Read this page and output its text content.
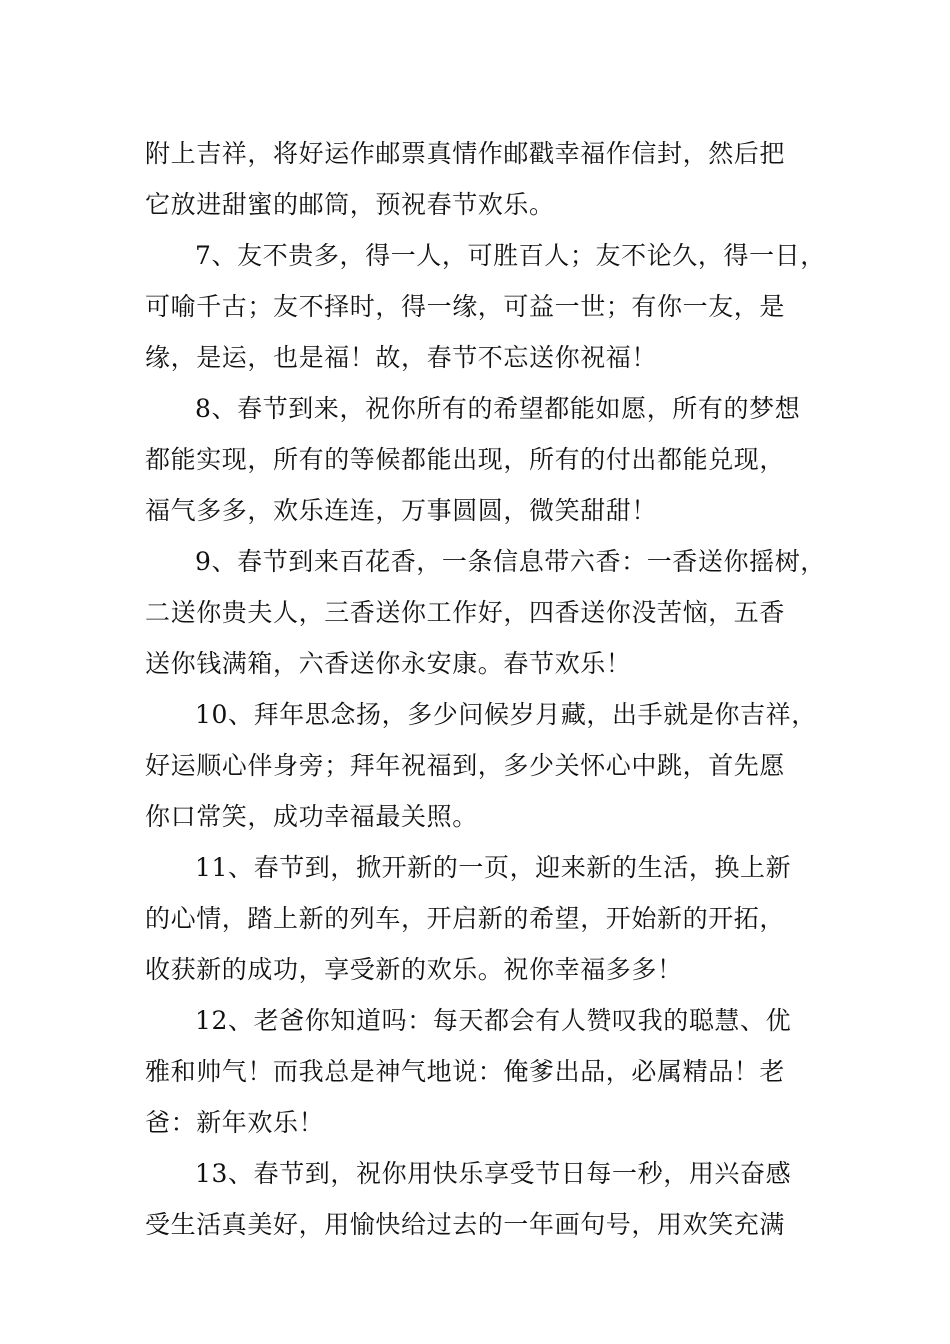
附上吉祥，将好运作邮票真情作邮戳幸福作信封，然后把
它放进甜蜜的邮筒，预祝春节欢乐。
7、友不贵多，得一人，可胜百人；友不论久，得一日，
可喻千古；友不择时，得一缘，可益一世；有你一友，是
缘，是运，也是福！故，春节不忘送你祝福！
8、春节到来，祝你所有的希望都能如愿，所有的梦想
都能实现，所有的等候都能出现，所有的付出都能兑现，
福气多多，欢乐连连，万事圆圆，微笑甜甜！
9、春节到来百花香，一条信息带六香：一香送你摇树，
二送你贵夫人，三香送你工作好，四香送你没苦恼，五香
送你钱满箱，六香送你永安康。春节欢乐！
10、拜年思念扬，多少问候岁月藏，出手就是你吉祥，
好运顺心伴身旁；拜年祝福到，多少关怀心中跳，首先愿
你口常笑，成功幸福最关照。
11、春节到，掀开新的一页，迎来新的生活，换上新
的心情，踏上新的列车，开启新的希望，开始新的开拓，
收获新的成功，享受新的欢乐。祝你幸福多多！
12、老爸你知道吗：每天都会有人赞叹我的聪慧、优
雅和帅气！而我总是神气地说：俺爹出品，必属精品！老
爸：新年欢乐！
13、春节到，祝你用快乐享受节日每一秒，用兴奋感
受生活真美好，用愉快给过去的一年画句号，用欢笑充满
